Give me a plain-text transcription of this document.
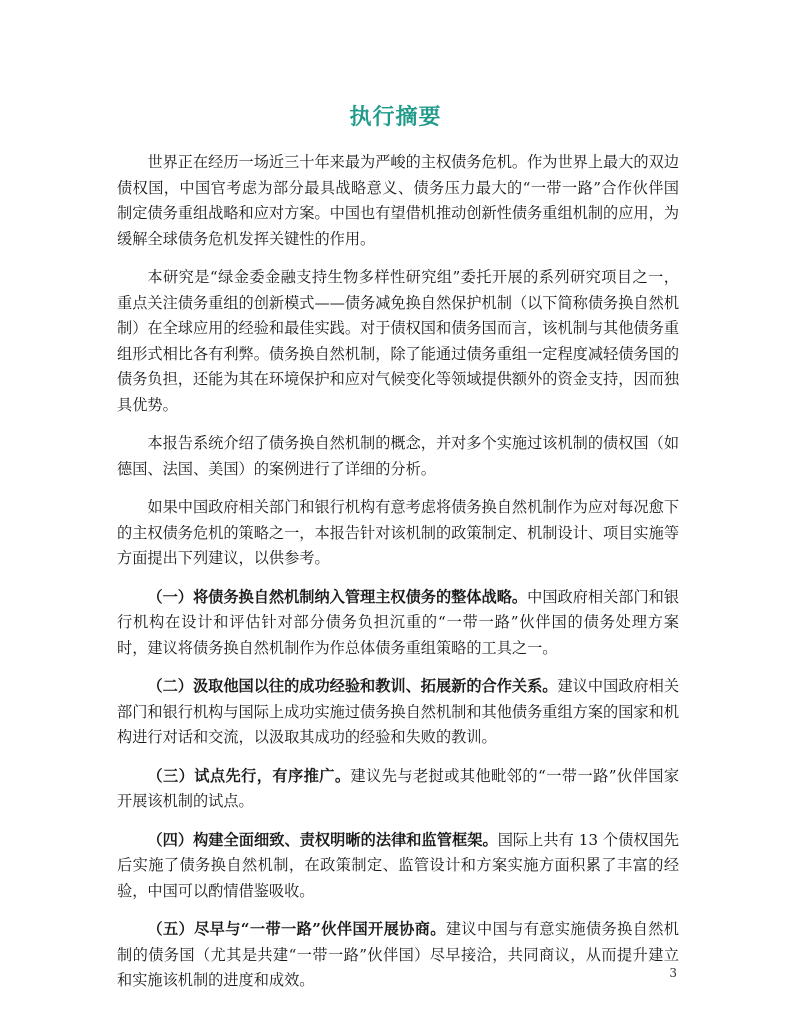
执行摘要

世界正在经历一场近三十年来最为严峻的主权债务危机。作为世界上最大的双边债权国，中国官考虑为部分最具战略意义、债务压力最大的“一带一路”合作伙伴国制定债务重组战略和应对方案。中国也有望借机推动创新性债务重组机制的应用，为缓解全球债务危机发挥关键性的作用。

本研究是“绿金委金融支持生物多样性研究组”委托开展的系列研究项目之一，重点关注债务重组的创新模式——债务减免换自然保护机制（以下简称债务换自然机制）在全球应用的经验和最佳实践。对于债权国和债务国而言，该机制与其他债务重组形式相比各有利弊。债务换自然机制，除了能通过债务重组一定程度减轻债务国的债务负担，还能为其在环境保护和应对气候变化等领域提供额外的资金支持，因而独具优势。

本报告系统介绍了债务换自然机制的概念，并对多个实施过该机制的债权国（如德国、法国、美国）的案例进行了详细的分析。

如果中国政府相关部门和银行机构有意考虑将债务换自然机制作为应对每况愈下的主权债务危机的策略之一，本报告针对该机制的政策制定、机制设计、项目实施等方面提出下列建议，以供参考。

（一）将债务换自然机制纳入管理主权债务的整体战略。中国政府相关部门和银行机构在设计和评估针对部分债务负担沉重的“一带一路”伙伴国的债务处理方案时，建议将债务换自然机制作为作总体债务重组策略的工具之一。

（二）汲取他国以往的成功经验和教训、拓展新的合作关系。建议中国政府相关部门和银行机构与国际上成功实施过债务换自然机制和其他债务重组方案的国家和机构进行对话和交流，以汲取其成功的经验和失败的教训。

（三）试点先行，有序推广。建议先与老挝或其他毗邻的“一带一路”伙伴国家开展该机制的试点。

（四）构建全面细致、责权明晰的法律和监管框架。国际上共有 13 个债权国先后实施了债务换自然机制，在政策制定、监管设计和方案实施方面积累了丰富的经验，中国可以酌情借鉴吸收。

（五）尽早与“一带一路”伙伴国开展协商。建议中国与有意实施债务换自然机制的债务国（尤其是共建“一带一路”伙伴国）尽早接洽，共同商议，从而提升建立和实施该机制的进度和成效。	3
